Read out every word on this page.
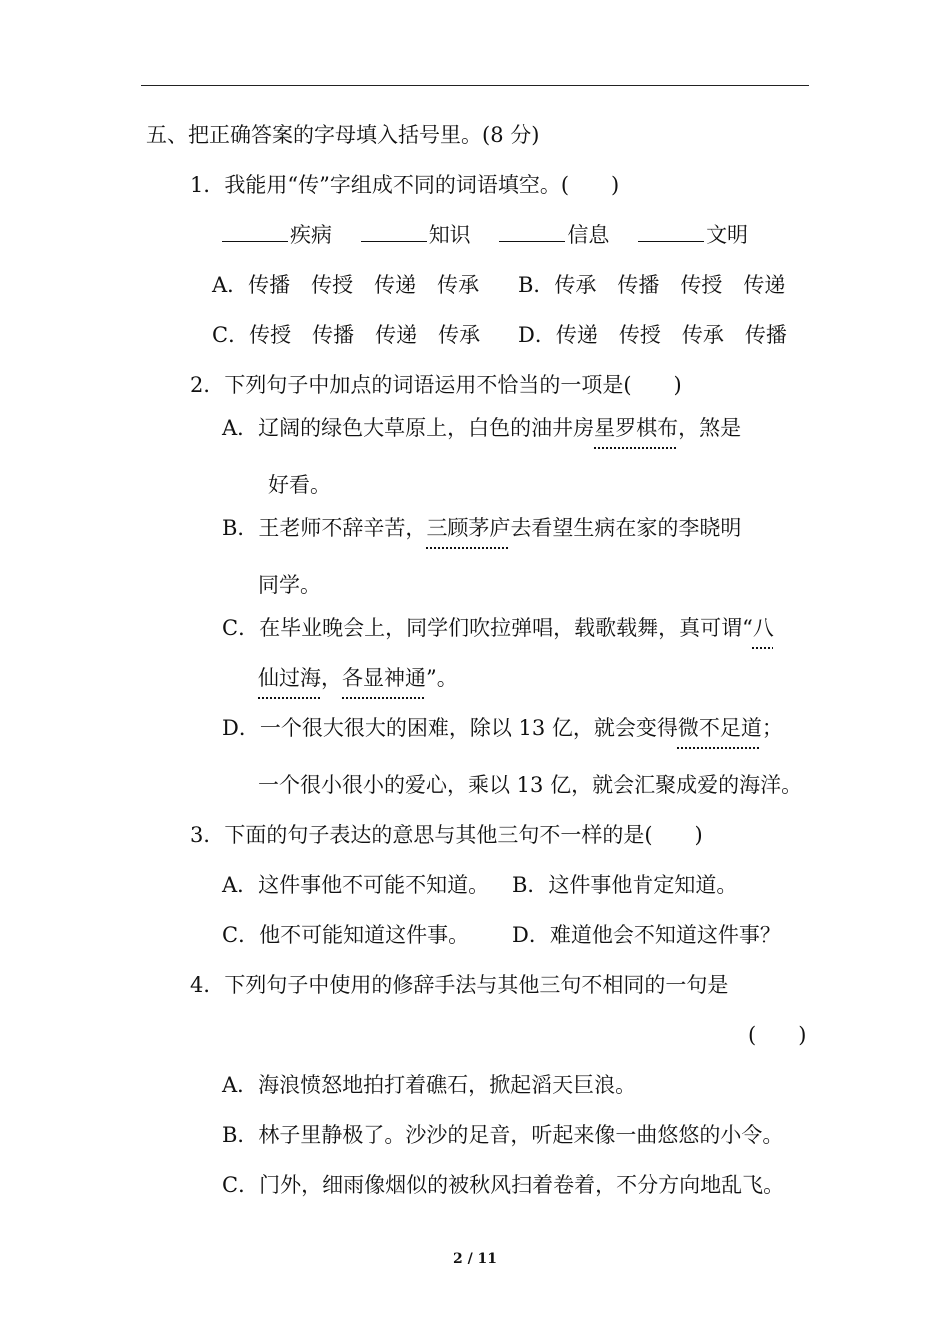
五、把正确答案的字母填入括号里。(8 分)
1．我能用“传”字组成不同的词语填空。(　　)
疾病	知识	信息	文明
A．传播　传授　传递　传承 B．传承　传播　传授　传递
C．传授　传播　传递　传承 D．传递　传授　传承　传播
2．下列句子中加点的词语运用不恰当的一项是(　　)
A．辽阔的绿色大草原上，白色的油井房星罗棋布，煞是
好看。
B．王老师不辞辛苦，三顾茅庐去看望生病在家的李晓明
同学。
C．在毕业晚会上，同学们吹拉弹唱，载歌载舞，真可谓“八
仙过海，各显神通”。
D．一个很大很大的困难，除以 13 亿，就会变得微不足道；
一个很小很小的爱心，乘以 13 亿，就会汇聚成爱的海洋。
3．下面的句子表达的意思与其他三句不一样的是(　　)
A．这件事他不可能不知道。 B．这件事他肯定知道。
C．他不可能知道这件事。 D．难道他会不知道这件事？
4．下列句子中使用的修辞手法与其他三句不相同的一句是
(　　)
A．海浪愤怒地拍打着礁石，掀起滔天巨浪。
B．林子里静极了。沙沙的足音，听起来像一曲悠悠的小令。
C．门外，细雨像烟似的被秋风扫着卷着，不分方向地乱飞。
2 / 11
